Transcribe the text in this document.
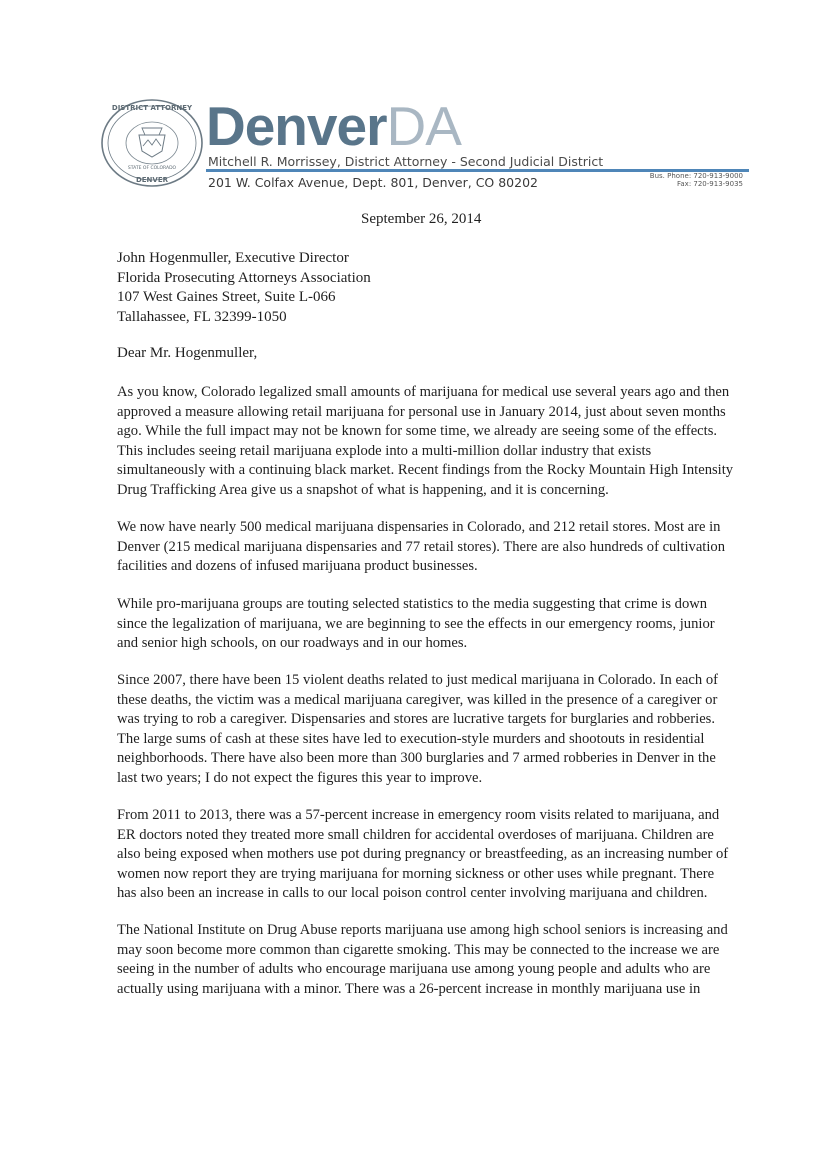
DISTRICT ATTORNEY
DENVER
STATE OF COLORADO
DenverDA
Mitchell R. Morrissey, District Attorney - Second Judicial District
201 W. Colfax Avenue, Dept. 801, Denver, CO 80202	Bus. Phone: 720-913-9000
Fax: 720-913-9035
September 26, 2014
John Hogenmuller, Executive Director
Florida Prosecuting Attorneys Association
107 West Gaines Street, Suite L-066
Tallahassee, FL 32399-1050
Dear Mr. Hogenmuller,
As you know, Colorado legalized small amounts of marijuana for medical use several years ago and then
approved a measure allowing retail marijuana for personal use in January 2014, just about seven months
ago. While the full impact may not be known for some time, we already are seeing some of the effects.
This includes seeing retail marijuana explode into a multi-million dollar industry that exists
simultaneously with a continuing black market. Recent findings from the Rocky Mountain High Intensity
Drug Trafficking Area give us a snapshot of what is happening, and it is concerning.
We now have nearly 500 medical marijuana dispensaries in Colorado, and 212 retail stores. Most are in
Denver (215 medical marijuana dispensaries and 77 retail stores). There are also hundreds of cultivation
facilities and dozens of infused marijuana product businesses.
While pro-marijuana groups are touting selected statistics to the media suggesting that crime is down
since the legalization of marijuana, we are beginning to see the effects in our emergency rooms, junior
and senior high schools, on our roadways and in our homes.
Since 2007, there have been 15 violent deaths related to just medical marijuana in Colorado. In each of
these deaths, the victim was a medical marijuana caregiver, was killed in the presence of a caregiver or
was trying to rob a caregiver. Dispensaries and stores are lucrative targets for burglaries and robberies.
The large sums of cash at these sites have led to execution-style murders and shootouts in residential
neighborhoods. There have also been more than 300 burglaries and 7 armed robberies in Denver in the
last two years; I do not expect the figures this year to improve.
From 2011 to 2013, there was a 57-percent increase in emergency room visits related to marijuana, and
ER doctors noted they treated more small children for accidental overdoses of marijuana. Children are
also being exposed when mothers use pot during pregnancy or breastfeeding, as an increasing number of
women now report they are trying marijuana for morning sickness or other uses while pregnant. There
has also been an increase in calls to our local poison control center involving marijuana and children.
The National Institute on Drug Abuse reports marijuana use among high school seniors is increasing and
may soon become more common than cigarette smoking. This may be connected to the increase we are
seeing in the number of adults who encourage marijuana use among young people and adults who are
actually using marijuana with a minor. There was a 26-percent increase in monthly marijuana use in
